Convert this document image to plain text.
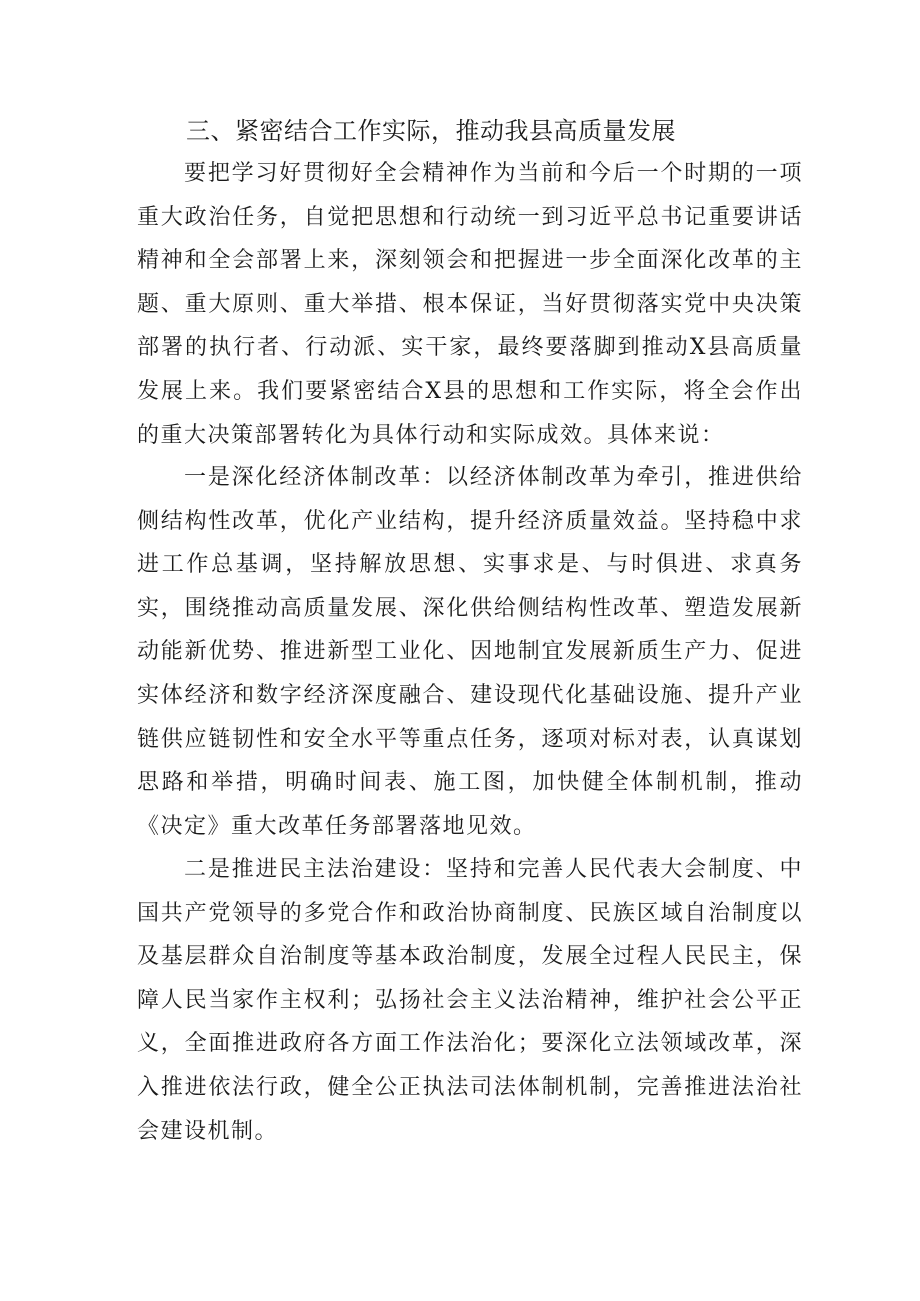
三、紧密结合工作实际，推动我县高质量发展

要把学习好贯彻好全会精神作为当前和今后一个时期的一项重大政治任务，自觉把思想和行动统一到习近平总书记重要讲话精神和全会部署上来，深刻领会和把握进一步全面深化改革的主题、重大原则、重大举措、根本保证，当好贯彻落实党中央决策部署的执行者、行动派、实干家，最终要落脚到推动X县高质量发展上来。我们要紧密结合X县的思想和工作实际，将全会作出的重大决策部署转化为具体行动和实际成效。具体来说：

一是深化经济体制改革：以经济体制改革为牵引，推进供给侧结构性改革，优化产业结构，提升经济质量效益。坚持稳中求进工作总基调，坚持解放思想、实事求是、与时俱进、求真务实，围绕推动高质量发展、深化供给侧结构性改革、塑造发展新动能新优势、推进新型工业化、因地制宜发展新质生产力、促进实体经济和数字经济深度融合、建设现代化基础设施、提升产业链供应链韧性和安全水平等重点任务，逐项对标对表，认真谋划思路和举措，明确时间表、施工图，加快健全体制机制，推动《决定》重大改革任务部署落地见效。

二是推进民主法治建设：坚持和完善人民代表大会制度、中国共产党领导的多党合作和政治协商制度、民族区域自治制度以及基层群众自治制度等基本政治制度，发展全过程人民民主，保障人民当家作主权利；弘扬社会主义法治精神，维护社会公平正义，全面推进政府各方面工作法治化；要深化立法领域改革，深入推进依法行政，健全公正执法司法体制机制，完善推进法治社会建设机制。
